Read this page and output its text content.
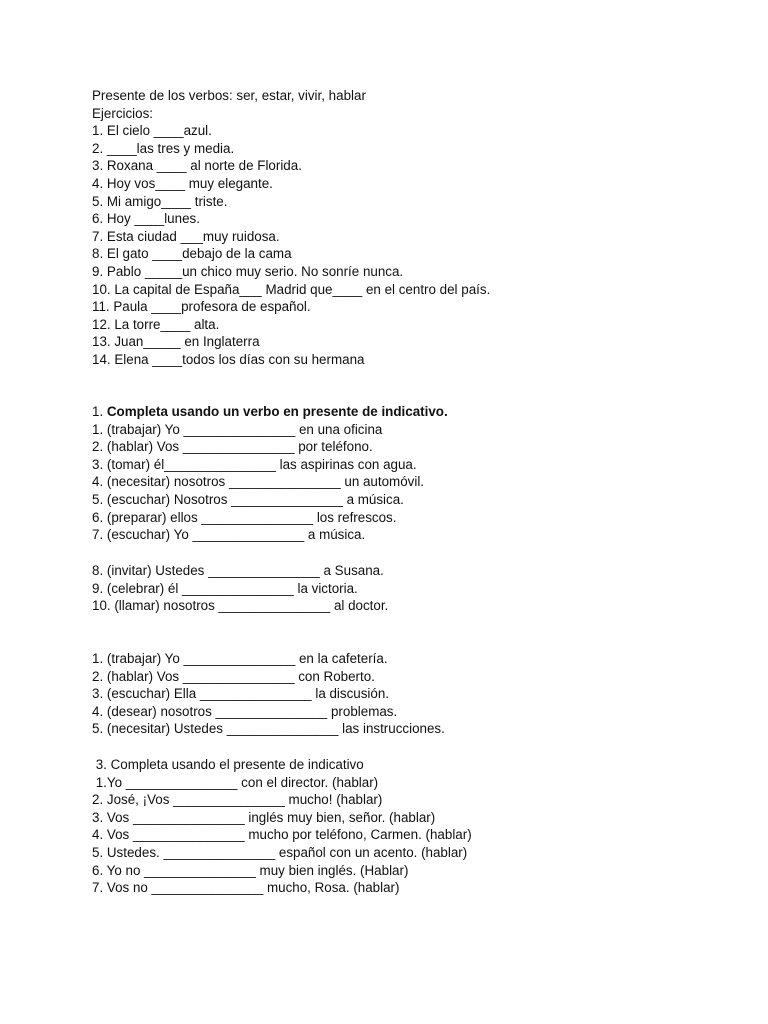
Presente de los verbos: ser, estar, vivir, hablar
Ejercicios:
1. El cielo ____azul.
2. ____las tres y media.
3. Roxana ____ al norte de Florida.
4. Hoy vos____ muy elegante.
5. Mi amigo____ triste.
6. Hoy ____lunes.
7. Esta ciudad ___muy ruidosa.
8. El gato ____debajo de la cama
9. Pablo _____un chico muy serio. No sonríe nunca.
10. La capital de España___ Madrid que____ en el centro del país.
11. Paula ____profesora de español.
12. La torre____ alta.
13. Juan_____ en Inglaterra
14. Elena ____todos los días con su hermana
1. Completa usando un verbo en presente de indicativo.
1. (trabajar) Yo _______________ en una oficina
2. (hablar) Vos _______________ por teléfono.
3. (tomar) él_______________ las aspirinas con agua.
4. (necesitar) nosotros _______________ un automóvil.
5. (escuchar) Nosotros _______________ a música.
6. (preparar) ellos _______________ los refrescos.
7. (escuchar) Yo _______________ a música.
8. (invitar) Ustedes _______________ a Susana.
9. (celebrar) él _______________ la victoria.
10. (llamar) nosotros _______________ al doctor.
1. (trabajar) Yo _______________ en la cafetería.
2. (hablar) Vos _______________ con Roberto.
3. (escuchar) Ella _______________ la discusión.
4. (desear) nosotros _______________ problemas.
5. (necesitar) Ustedes _______________ las instrucciones.
3. Completa usando el presente de indicativo
1.Yo _______________ con el director. (hablar)
2. José, ¡Vos _______________ mucho! (hablar)
3. Vos _______________ inglés muy bien, señor. (hablar)
4. Vos _______________ mucho por teléfono, Carmen. (hablar)
5. Ustedes. _______________ español con un acento. (hablar)
6. Yo no _______________ muy bien inglés. (Hablar)
7. Vos no _______________ mucho, Rosa. (hablar)
